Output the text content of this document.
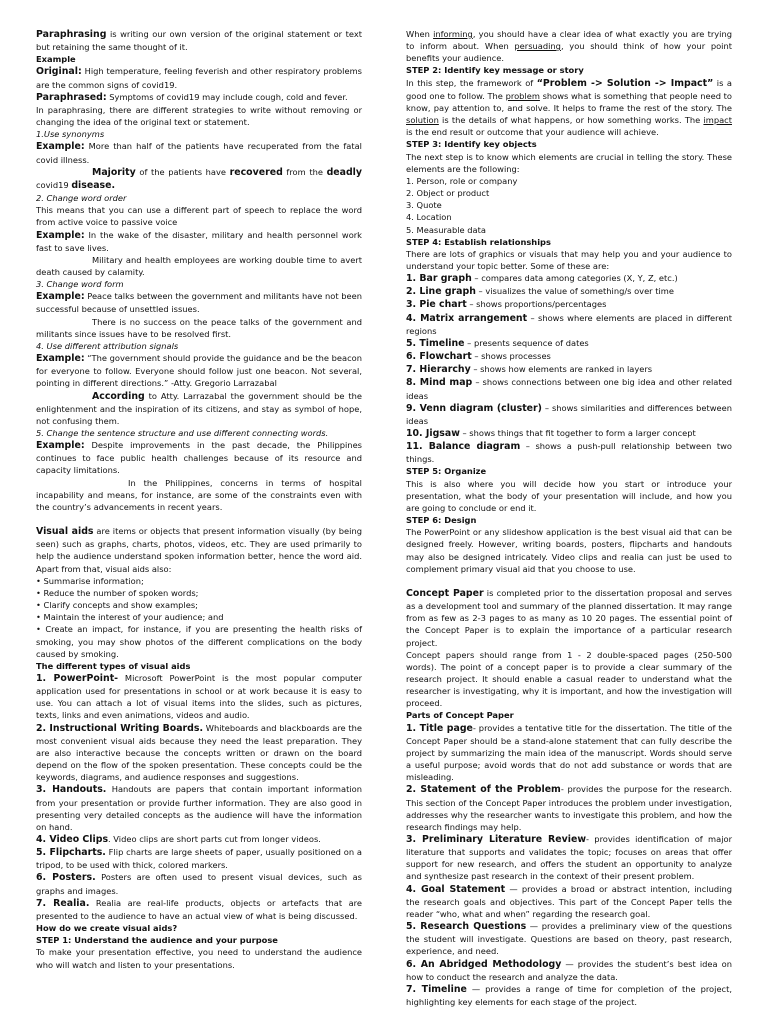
Paraphrasing is writing our own version of the original statement or text but retaining the same thought of it.

Example

Original: High temperature, feeling feverish and other respiratory problems are the common signs of covid19.

Paraphrased: Symptoms of covid19 may include cough, cold and fever.

In paraphrasing, there are different strategies to write without removing or changing the idea of the original text or statement.

1.Use synonyms

Example: More than half of the patients have recuperated from the fatal covid illness.

Majority of the patients have recovered from the deadly covid19 disease.

2. Change word order

This means that you can use a different part of speech to replace the word from active voice to passive voice

Example: In the wake of the disaster, military and health personnel work fast to save lives.

Military and health employees are working double time to avert death caused by calamity.

3. Change word form

Example: Peace talks between the government and militants have not been successful because of unsettled issues.

There is no success on the peace talks of the government and militants since issues have to be resolved first.

4. Use different attribution signals

Example: “The government should provide the guidance and be the beacon for everyone to follow. Everyone should follow just one beacon. Not several, pointing in different directions.” -Atty. Gregorio Larrazabal

According to Atty. Larrazabal the government should be the enlightenment and the inspiration of its citizens, and stay as symbol of hope, not confusing them.

5. Change the sentence structure and use different connecting words.

Example: Despite improvements in the past decade, the Philippines continues to face public health challenges because of its resource and capacity limitations.

In the Philippines, concerns in terms of hospital incapability and means, for instance, are some of the constraints even with the country’s advancements in recent years.

Visual aids are items or objects that present information visually (by being seen) such as graphs, charts, photos, videos, etc. They are used primarily to help the audience understand spoken information better, hence the word aid. Apart from that, visual aids also:

• Summarise information;

• Reduce the number of spoken words;

• Clarify concepts and show examples;

• Maintain the interest of your audience; and

• Create an impact, for instance, if you are presenting the health risks of smoking, you may show photos of the different complications on the body caused by smoking.

The different types of visual aids

1. PowerPoint- Microsoft PowerPoint is the most popular computer application used for presentations in school or at work because it is easy to use. You can attach a lot of visual items into the slides, such as pictures, texts, links and even animations, videos and audio.

2. Instructional Writing Boards. Whiteboards and blackboards are the most convenient visual aids because they need the least preparation. They are also interactive because the concepts written or drawn on the board depend on the flow of the spoken presentation. These concepts could be the keywords, diagrams, and audience responses and suggestions.

3. Handouts. Handouts are papers that contain important information from your presentation or provide further information. They are also good in presenting very detailed concepts as the audience will have the information on hand.

4. Video Clips. Video clips are short parts cut from longer videos.

5. Flipcharts. Flip charts are large sheets of paper, usually positioned on a tripod, to be used with thick, colored markers.

6. Posters. Posters are often used to present visual devices, such as graphs and images.

7. Realia. Realia are real-life products, objects or artefacts that are presented to the audience to have an actual view of what is being discussed.

How do we create visual aids?

STEP 1: Understand the audience and your purpose

To make your presentation effective, you need to understand the audience who will watch and listen to your presentations.

When informing, you should have a clear idea of what exactly you are trying to inform about. When persuading, you should think of how your point benefits your audience.

STEP 2: Identify key message or story

In this step, the framework of “Problem -> Solution -> Impact” is a good one to follow. The problem shows what is something that people need to know, pay attention to, and solve. It helps to frame the rest of the story. The solution is the details of what happens, or how something works. The impact is the end result or outcome that your audience will achieve.

STEP 3: Identify key objects

The next step is to know which elements are crucial in telling the story. These elements are the following:

1. Person, role or company

2. Object or product

3. Quote

4. Location

5. Measurable data

STEP 4: Establish relationships

There are lots of graphics or visuals that may help you and your audience to understand your topic better. Some of these are:

1. Bar graph – compares data among categories (X, Y, Z, etc.)

2. Line graph – visualizes the value of something/s over time

3. Pie chart – shows proportions/percentages

4. Matrix arrangement – shows where elements are placed in different regions

5. Timeline – presents sequence of dates

6. Flowchart – shows processes

7. Hierarchy – shows how elements are ranked in layers

8. Mind map – shows connections between one big idea and other related ideas

9. Venn diagram (cluster) – shows similarities and differences between ideas

10. Jigsaw – shows things that fit together to form a larger concept

11. Balance diagram – shows a push-pull relationship between two things.

STEP 5: Organize

This is also where you will decide how you start or introduce your presentation, what the body of your presentation will include, and how you are going to conclude or end it.

STEP 6: Design

The PowerPoint or any slideshow application is the best visual aid that can be designed freely. However, writing boards, posters, flipcharts and handouts may also be designed intricately. Video clips and realia can just be used to complement primary visual aid that you choose to use.

Concept Paper is completed prior to the dissertation proposal and serves as a development tool and summary of the planned dissertation. It may range from as few as 2-3 pages to as many as 10 20 pages. The essential point of the Concept Paper is to explain the importance of a particular research project.

Concept papers should range from 1 - 2 double-spaced pages (250-500 words). The point of a concept paper is to provide a clear summary of the research project. It should enable a casual reader to understand what the researcher is investigating, why it is important, and how the investigation will proceed.

Parts of Concept Paper

1. Title page- provides a tentative title for the dissertation. The title of the Concept Paper should be a stand-alone statement that can fully describe the project by summarizing the main idea of the manuscript. Words should serve a useful purpose; avoid words that do not add substance or words that are misleading.

2. Statement of the Problem- provides the purpose for the research. This section of the Concept Paper introduces the problem under investigation, addresses why the researcher wants to investigate this problem, and how the research findings may help.

3. Preliminary Literature Review- provides identification of major literature that supports and validates the topic; focuses on areas that offer support for new research, and offers the student an opportunity to analyze and synthesize past research in the context of their present problem.

4. Goal Statement — provides a broad or abstract intention, including the research goals and objectives. This part of the Concept Paper tells the reader “who, what and when” regarding the research goal.

5. Research Questions — provides a preliminary view of the questions the student will investigate. Questions are based on theory, past research, experience, and need.

6. An Abridged Methodology — provides the student’s best idea on how to conduct the research and analyze the data.

7. Timeline — provides a range of time for completion of the project, highlighting key elements for each stage of the project.
